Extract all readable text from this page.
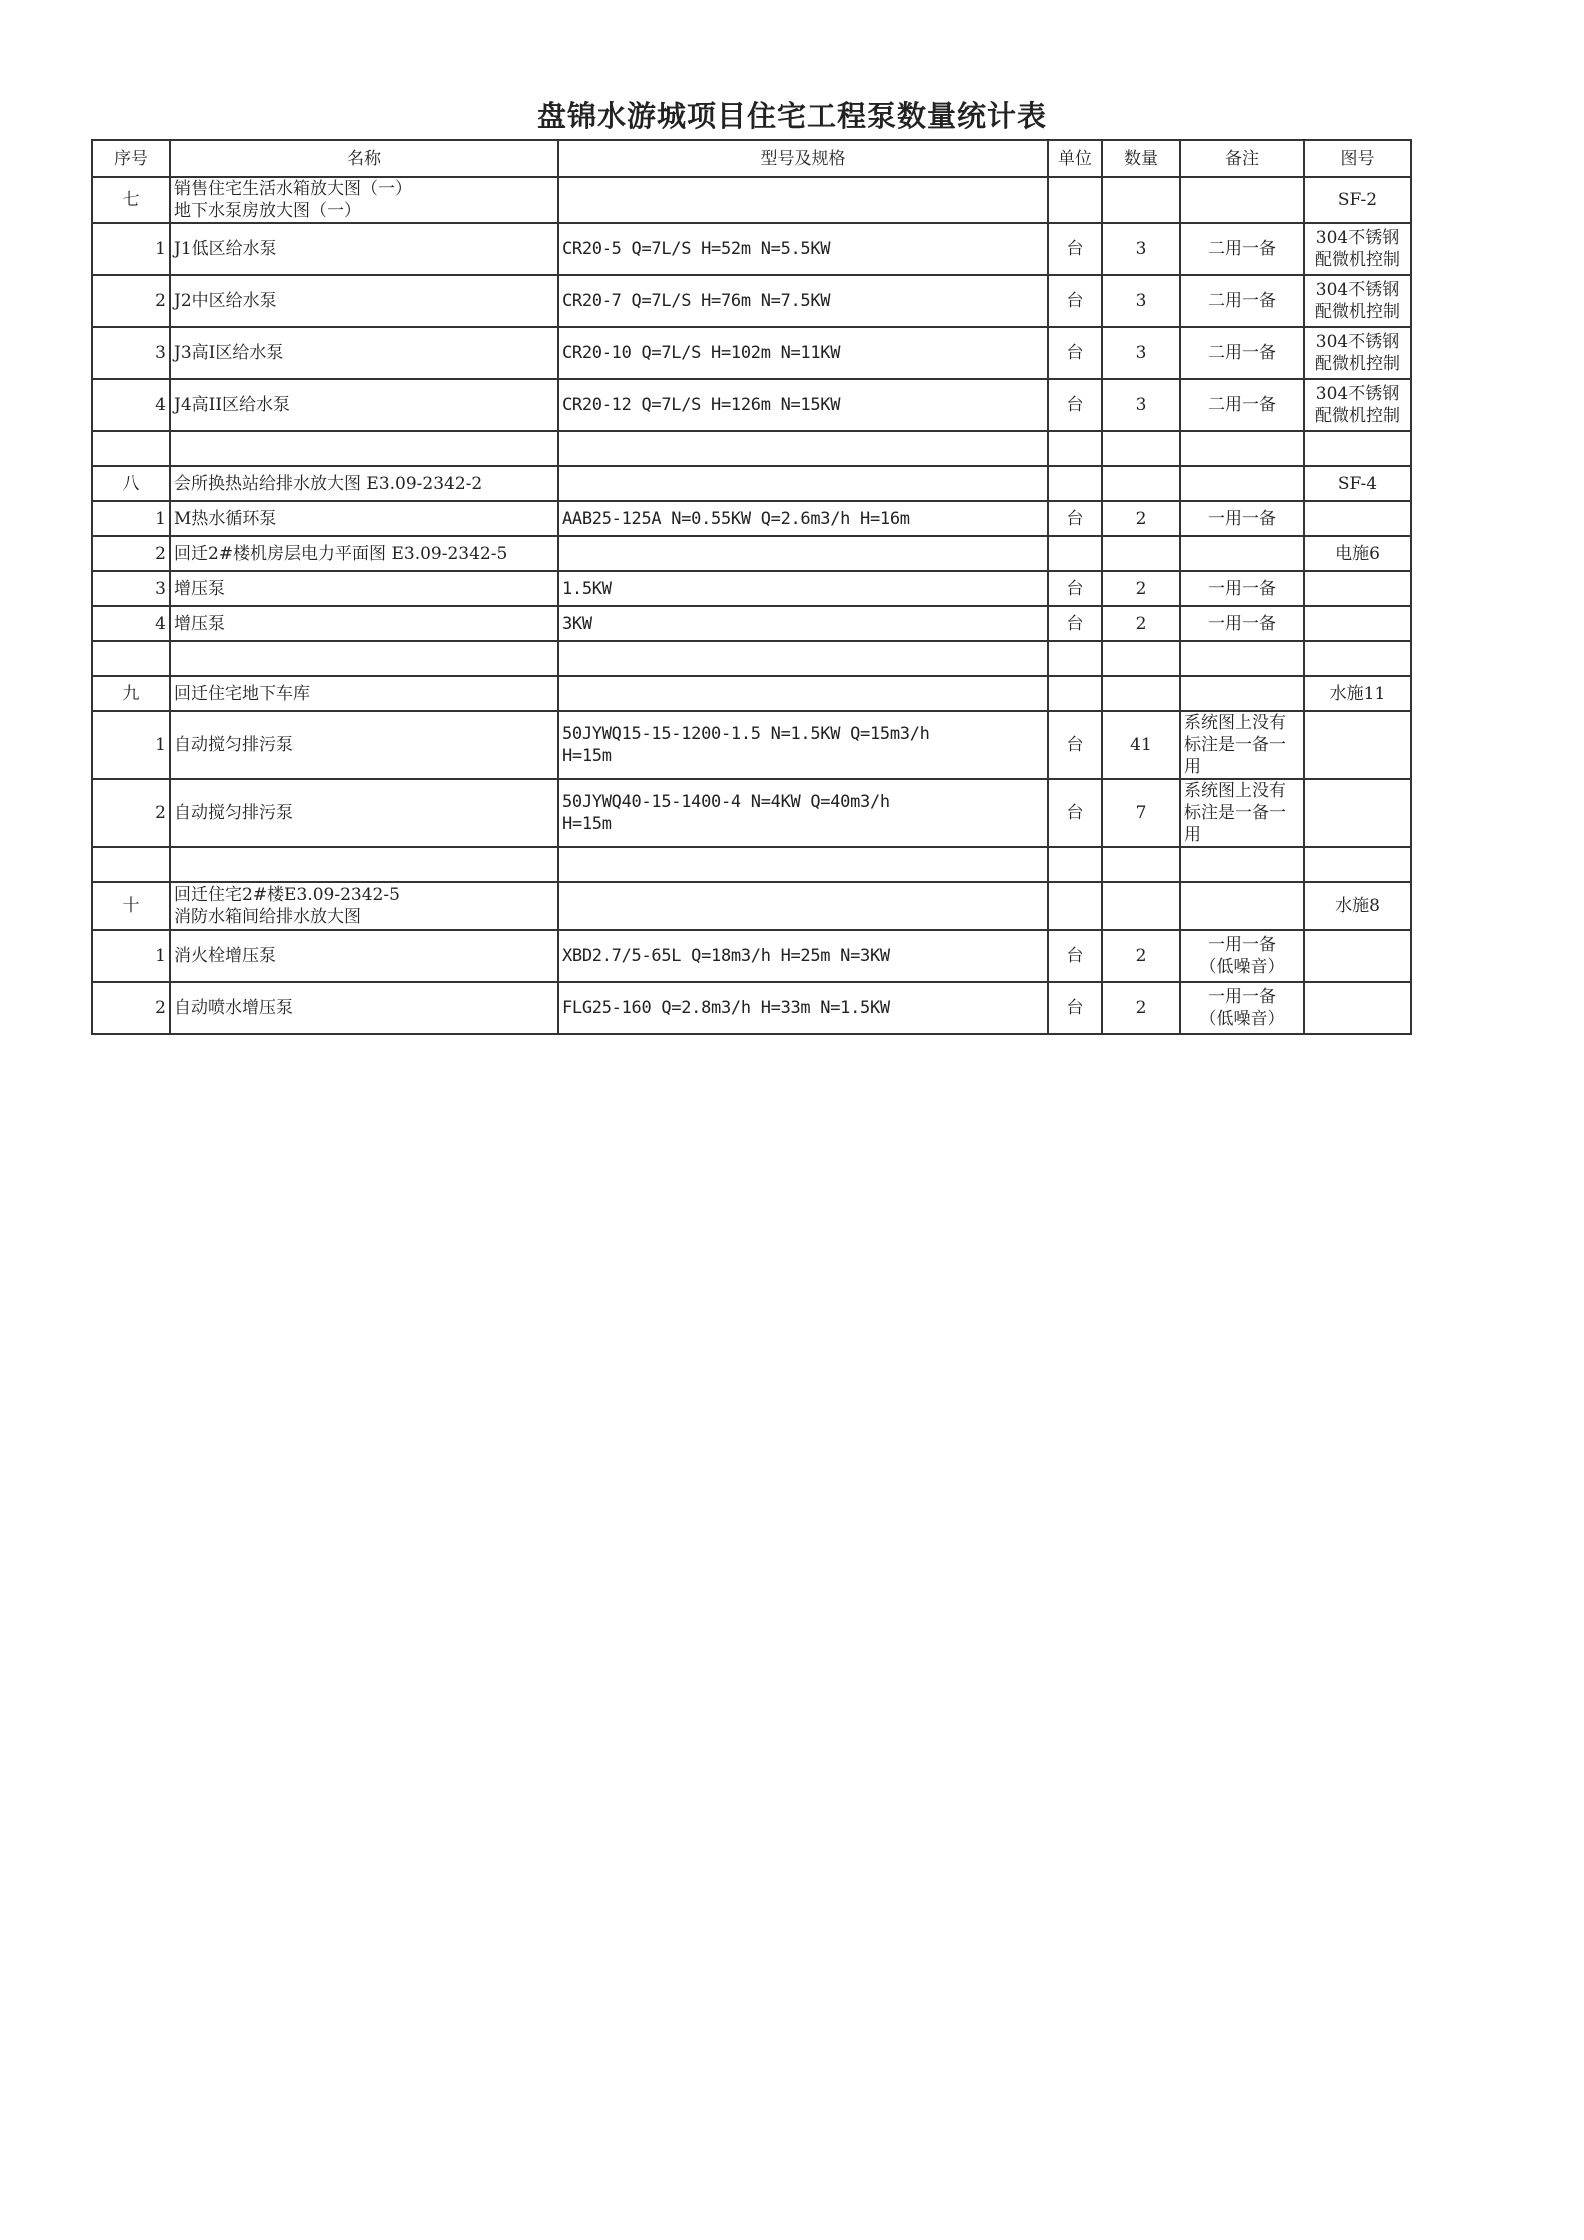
盘锦水游城项目住宅工程泵数量统计表
序号	名称	型号及规格	单位	数量	备注	图号
七	销售住宅生活水箱放大图（一）
地下水泵房放大图（一）					SF-2
1	J1低区给水泵	CR20-5 Q=7L/S H=52m N=5.5KW	台	3	二用一备	304不锈钢
配微机控制
2	J2中区给水泵	CR20-7 Q=7L/S H=76m N=7.5KW	台	3	二用一备	304不锈钢
配微机控制
3	J3高I区给水泵	CR20-10 Q=7L/S H=102m N=11KW	台	3	二用一备	304不锈钢
配微机控制
4	J4高II区给水泵	CR20-12 Q=7L/S H=126m N=15KW	台	3	二用一备	304不锈钢
配微机控制

八	会所换热站给排水放大图 E3.09-2342-2					SF-4
1	M热水循环泵	AAB25-125A N=0.55KW Q=2.6m3/h H=16m	台	2	一用一备	
2	回迁2#楼机房层电力平面图 E3.09-2342-5					电施6
3	增压泵	1.5KW	台	2	一用一备	
4	增压泵	3KW	台	2	一用一备	

九	回迁住宅地下车库					水施11
1	自动搅匀排污泵	50JYWQ15-15-1200-1.5 N=1.5KW Q=15m3/h
H=15m	台	41	系统图上没有
标注是一备一
用	
2	自动搅匀排污泵	50JYWQ40-15-1400-4 N=4KW Q=40m3/h
H=15m	台	7	系统图上没有
标注是一备一
用	

十	回迁住宅2#楼E3.09-2342-5
消防水箱间给排水放大图					水施8
1	消火栓增压泵	XBD2.7/5-65L Q=18m3/h H=25m N=3KW	台	2	一用一备
（低噪音）	
2	自动喷水增压泵	FLG25-160 Q=2.8m3/h H=33m N=1.5KW	台	2	一用一备
（低噪音）	
